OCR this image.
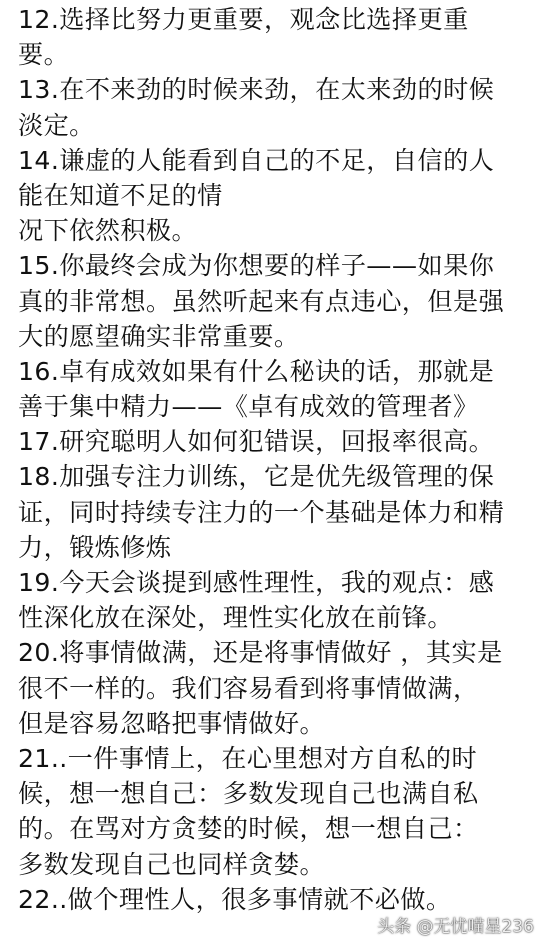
12.选择比努力更重要，观念比选择更重
要。
13.在不来劲的时候来劲，在太来劲的时候
淡定。
14.谦虚的人能看到自己的不足，自信的人
能在知道不足的情
况下依然积极。
15.你最终会成为你想要的样子——如果你
真的非常想。虽然听起来有点违心，但是强
大的愿望确实非常重要。
16.卓有成效如果有什么秘诀的话，那就是
善于集中精力——《卓有成效的管理者》
17.研究聪明人如何犯错误，回报率很高。
18.加强专注力训练，它是优先级管理的保
证，同时持续专注力的一个基础是体力和精
力，锻炼修炼
19.今天会谈提到感性理性，我的观点：感
性深化放在深处，理性实化放在前锋。
20.将事情做满，还是将事情做好 ，其实是
很不一样的。我们容易看到将事情做满，
但是容易忽略把事情做好。
21..一件事情上，在心里想对方自私的时
候，想一想自己：多数发现自己也满自私
的。在骂对方贪婪的时候，想一想自己：
多数发现自己也同样贪婪。
22..做个理性人，很多事情就不必做。
头条 @无忧喵星236
